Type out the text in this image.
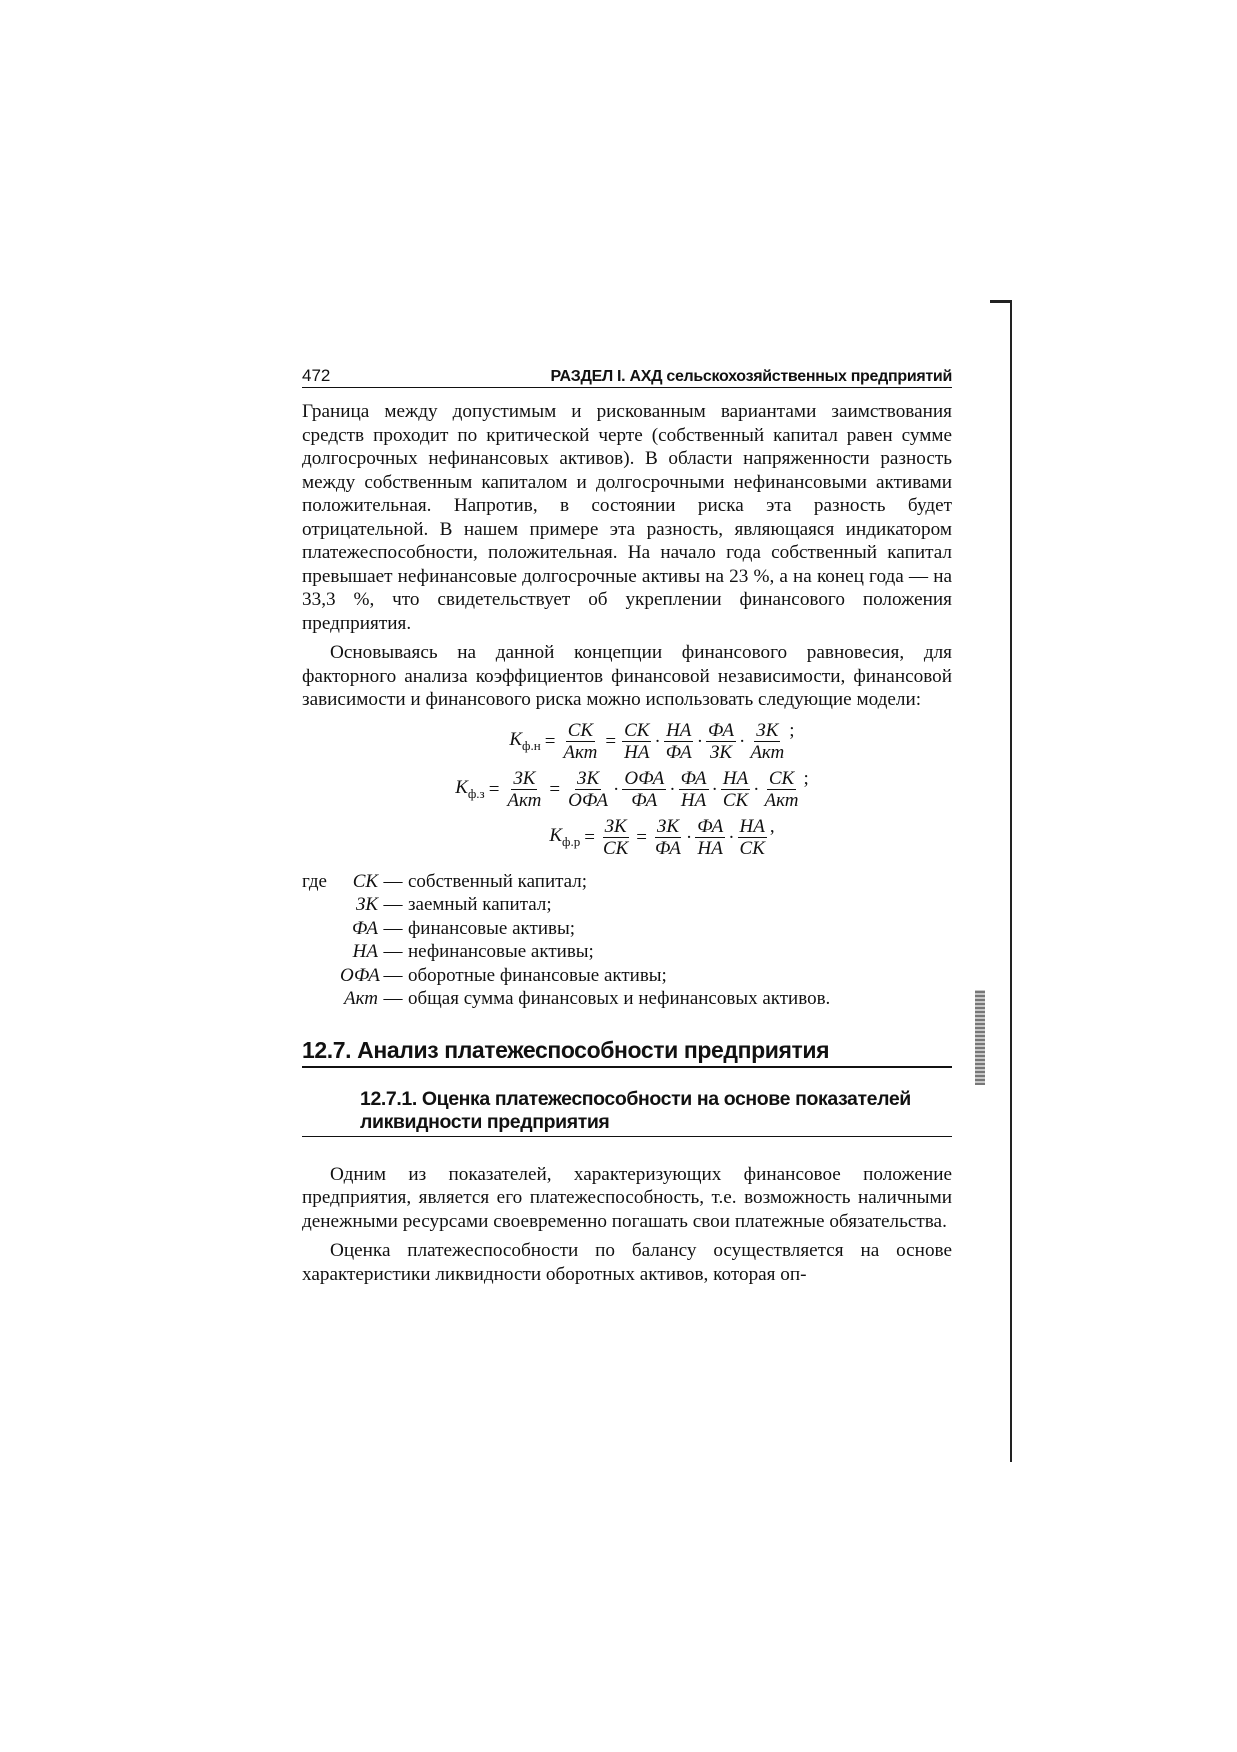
472	РАЗДЕЛ I. АХД сельскохозяйственных предприятий

Граница между допустимым и рискованным вариантами заимствования средств проходит по критической черте (собственный капитал равен сумме долгосрочных нефинансовых активов). В области напряженности разность между собственным капиталом и долгосрочными нефинансовыми активами положительная. Напротив, в состоянии риска эта разность будет отрицательной. В нашем примере эта разность, являющаяся индикатором платежеспособности, положительная. На начало года собственный капитал превышает нефинансовые долгосрочные активы на 23 %, а на конец года — на 33,3 %, что свидетельствует об укреплении финансового положения предприятия.

Основываясь на данной концепции финансового равновесия, для факторного анализа коэффициентов финансовой независимости, финансовой зависимости и финансового риска можно использовать следующие модели:

$К_{ф.н} = \frac{СК}{\text{Акт}} = \frac{СК}{НА} \cdot \frac{НА}{ФА} \cdot \frac{ФА}{ЗК} \cdot \frac{ЗК}{\text{Акт}}$ ;
$К_{ф.з} = \frac{ЗК}{\text{Акт}} = \frac{ЗК}{\text{ОФА}} \cdot \frac{\text{ОФА}}{ФА} \cdot \frac{ФА}{НА} \cdot \frac{НА}{СК} \cdot \frac{СК}{\text{Акт}}$ ;
$К_{ф.р} = \frac{ЗК}{СК} = \frac{ЗК}{ФА} \cdot \frac{ФА}{НА} \cdot \frac{НА}{СК}$ ,
где	СК — собственный капитал;
ЗК — заемный капитал;
ФА — финансовые активы;
НА — нефинансовые активы;
ОФА — оборотные финансовые активы;
Акт — общая сумма финансовых и нефинансовых активов.
12.7. Анализ платежеспособности предприятия
12.7.1. Оценка платежеспособности на основе показателей
ликвидности предприятия

Одним из показателей, характеризующих финансовое положение предприятия, является его платежеспособность, т.е. возможность наличными денежными ресурсами своевременно погашать свои платежные обязательства.

Оценка платежеспособности по балансу осуществляется на основе характеристики ликвидности оборотных активов, которая оп-
